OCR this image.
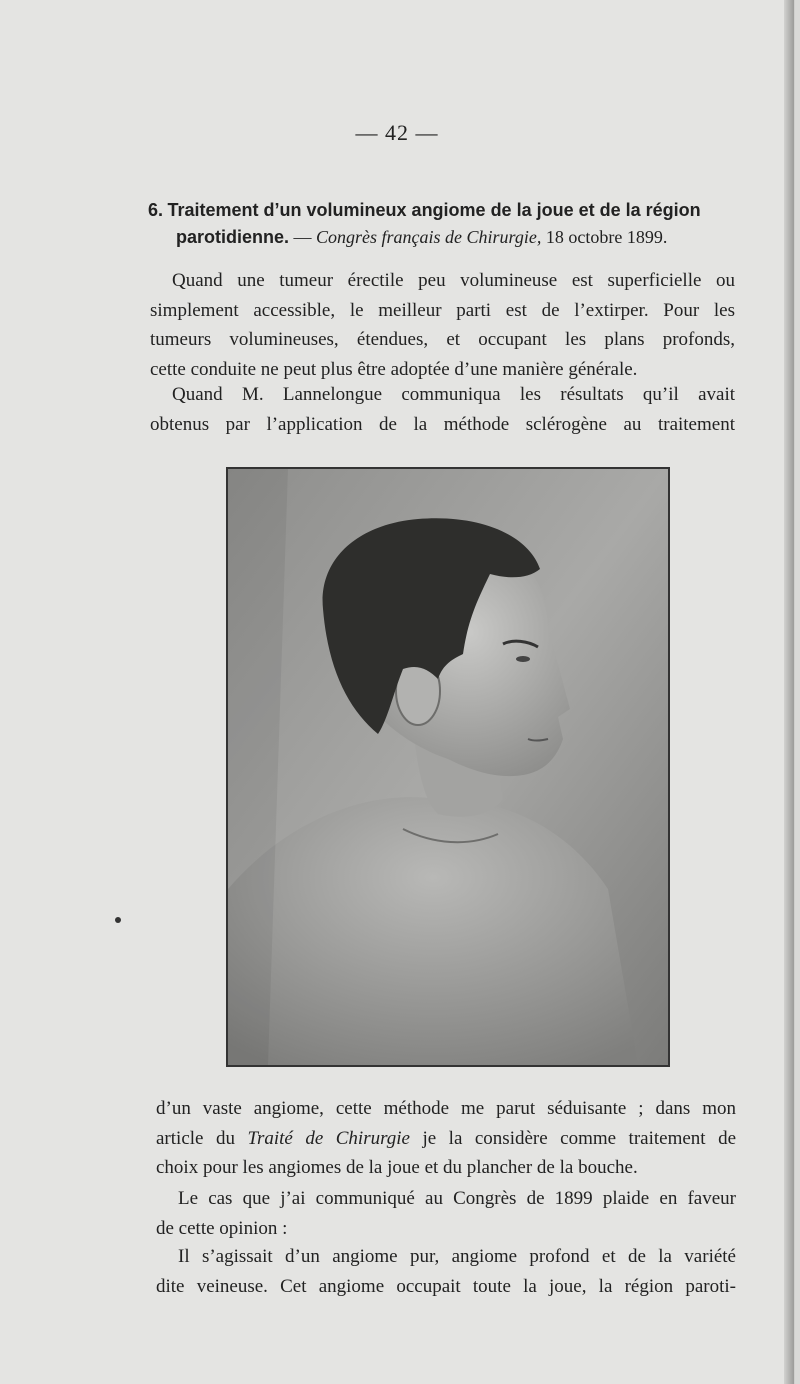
— 42 —
6. Traitement d’un volumineux angiome de la joue et de la région
parotidienne. — Congrès français de Chirurgie, 18 octobre 1899.
Quand une tumeur érectile peu volumineuse est superficielle ou
simplement accessible, le meilleur parti est de l’extirper. Pour les
tumeurs volumineuses, étendues, et occupant les plans profonds,
cette conduite ne peut plus être adoptée d’une manière générale.
Quand M. Lannelongue communiqua les résultats qu’il avait
obtenus par l’application de la méthode sclérogène au traitement
d’un vaste angiome, cette méthode me parut séduisante ; dans mon
article du Traité de Chirurgie je la considère comme traitement de
choix pour les angiomes de la joue et du plancher de la bouche.
Le cas que j’ai communiqué au Congrès de 1899 plaide en faveur
de cette opinion :
Il s’agissait d’un angiome pur, angiome profond et de la variété
dite veineuse. Cet angiome occupait toute la joue, la région paroti-
